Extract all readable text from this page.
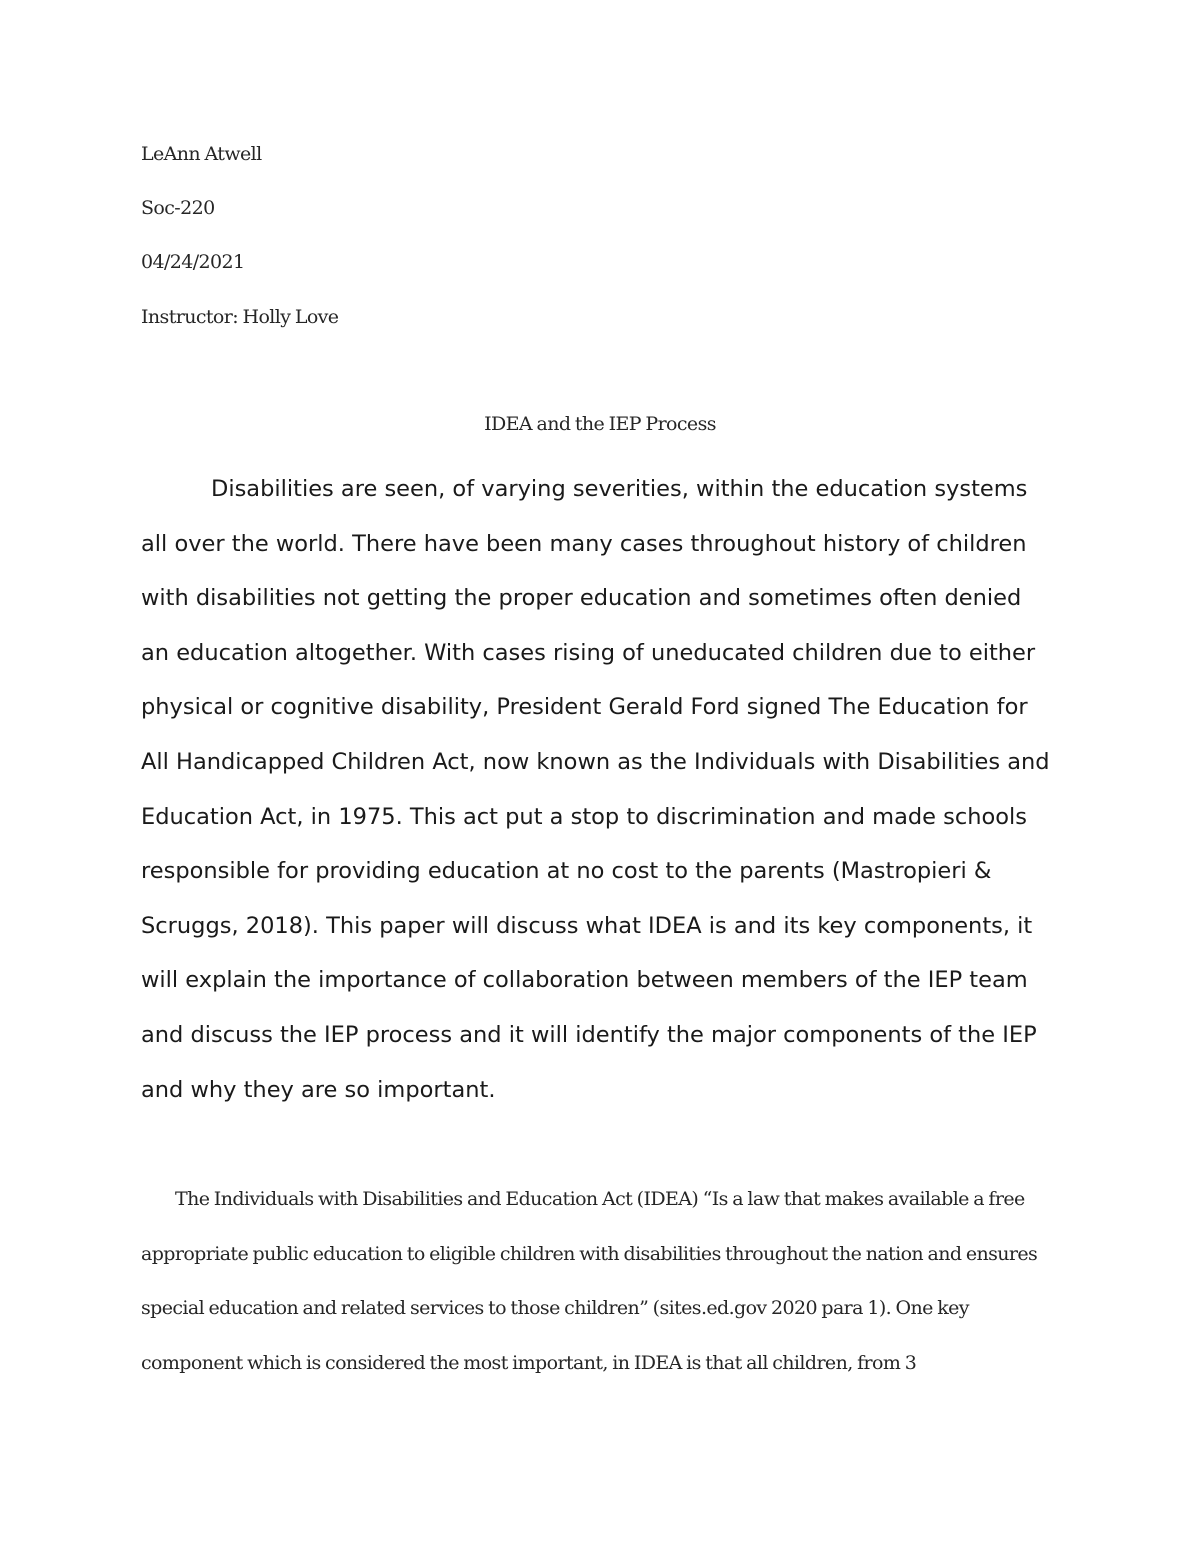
LeAnn Atwell

Soc-220

04/24/2021

Instructor: Holly Love

IDEA and the IEP Process

Disabilities are seen, of varying severities, within the education systems all over the world. There have been many cases throughout history of children with disabilities not getting the proper education and sometimes often denied an education altogether. With cases rising of uneducated children due to either physical or cognitive disability, President Gerald Ford signed The Education for All Handicapped Children Act, now known as the Individuals with Disabilities and Education Act, in 1975. This act put a stop to discrimination and made schools responsible for providing education at no cost to the parents (Mastropieri & Scruggs, 2018). This paper will discuss what IDEA is and its key components, it will explain the importance of collaboration between members of the IEP team and discuss the IEP process and it will identify the major components of the IEP and why they are so important.

The Individuals with Disabilities and Education Act (IDEA) “Is a law that makes available a free appropriate public education to eligible children with disabilities throughout the nation and ensures special education and related services to those children” (sites.ed.gov 2020 para 1). One key component which is considered the most important, in IDEA is that all children, from 3
